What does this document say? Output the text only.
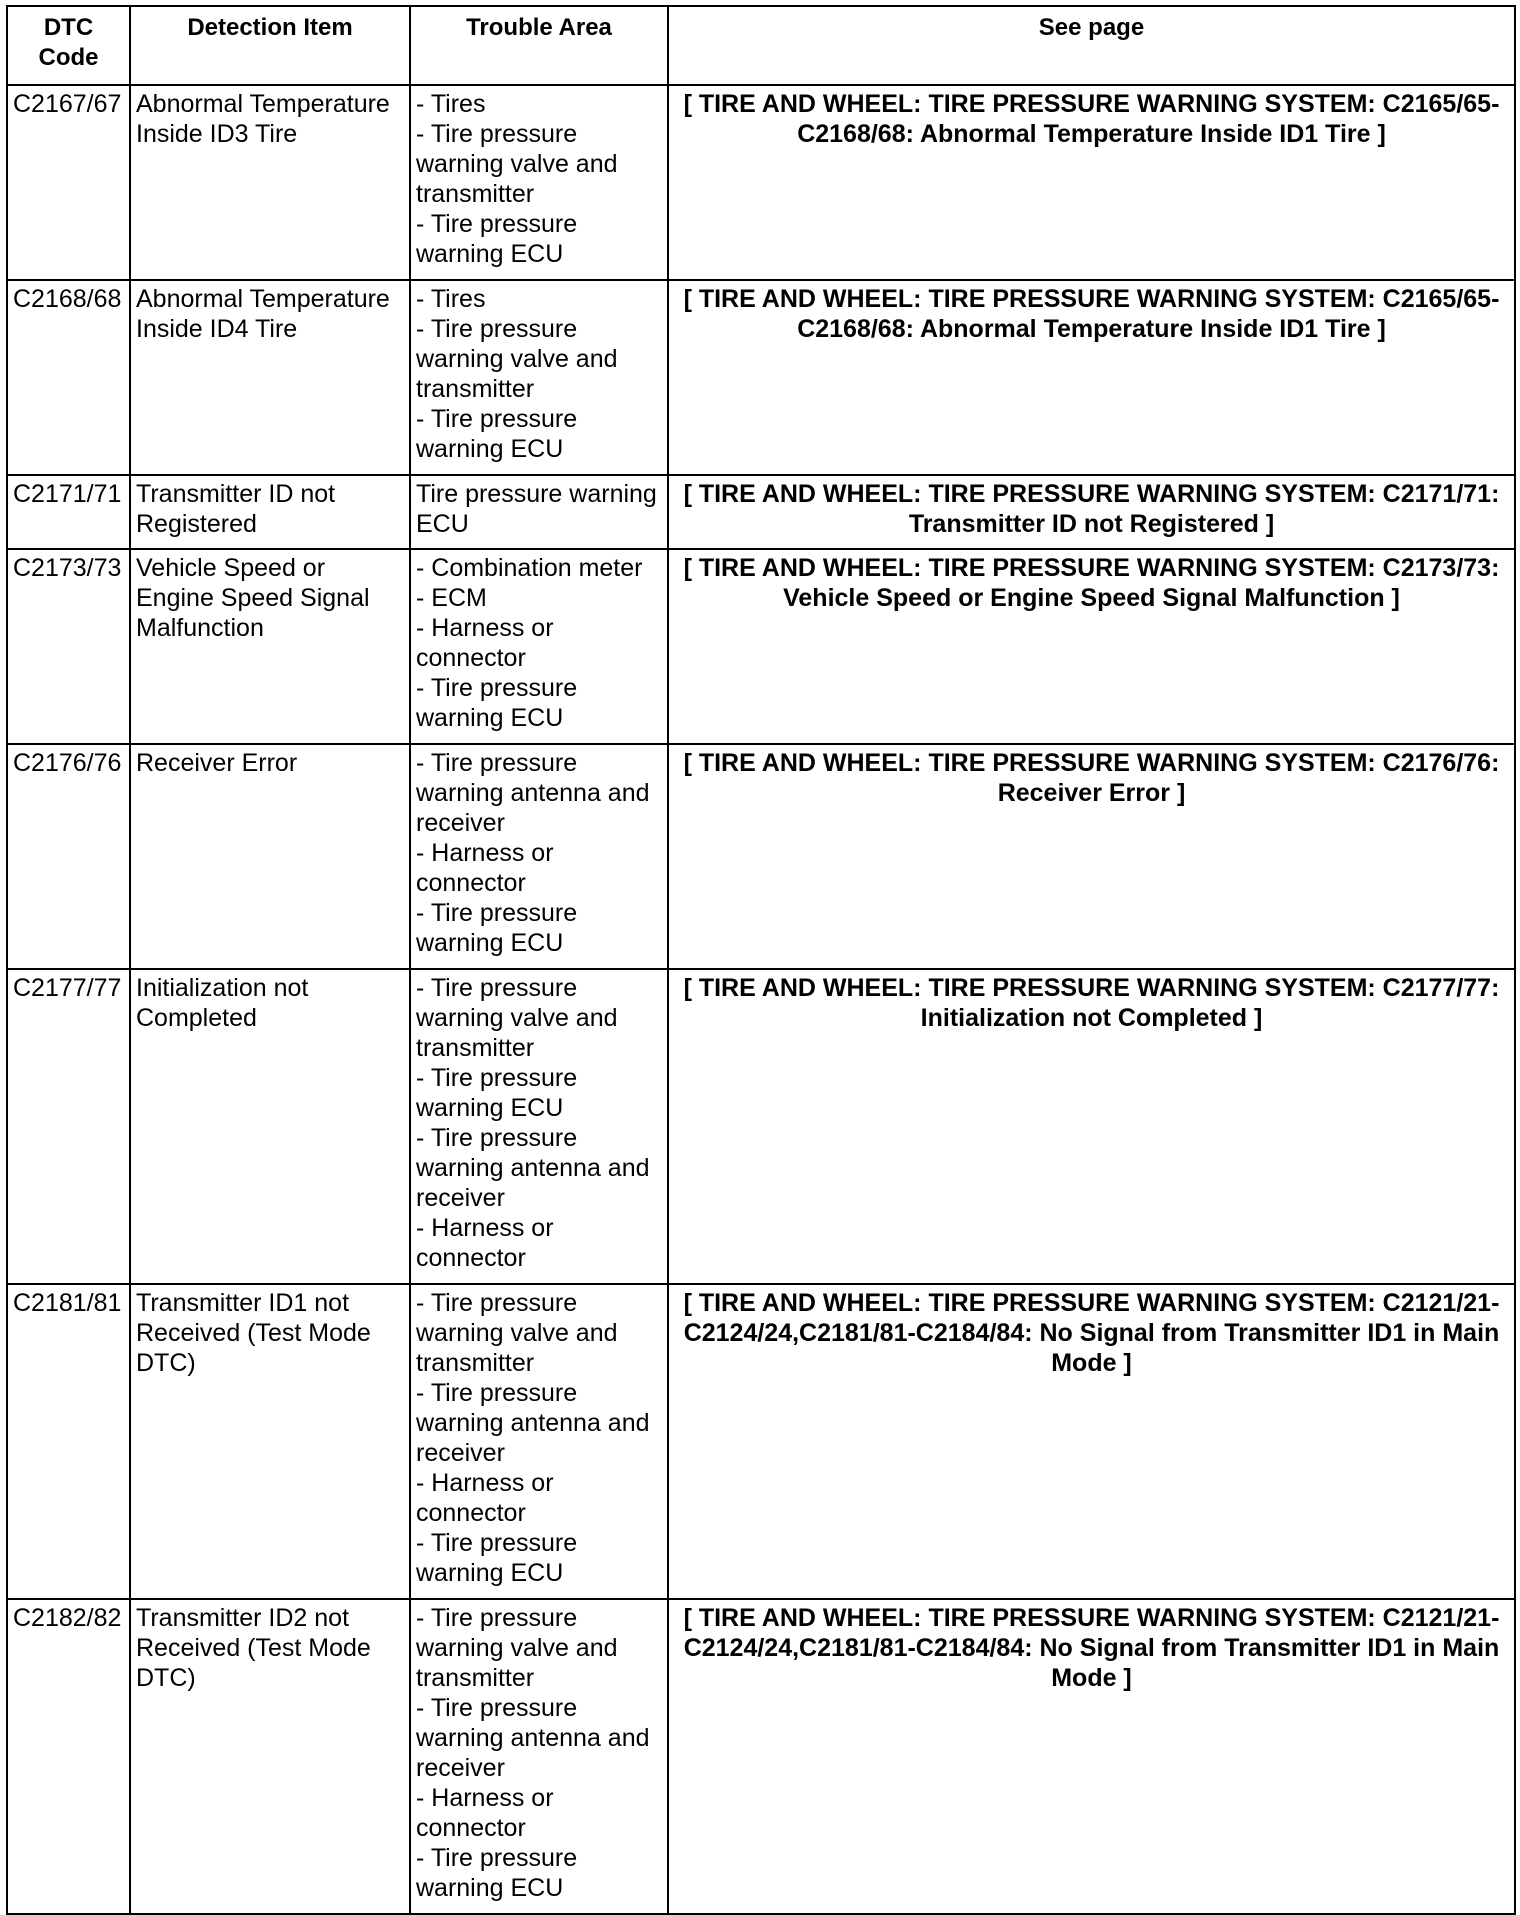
DTC Code	Detection Item	Trouble Area	See page
C2167/67	Abnormal Temperature Inside ID3 Tire	- Tires
- Tire pressure warning valve and transmitter
- Tire pressure warning ECU	[ TIRE AND WHEEL: TIRE PRESSURE WARNING SYSTEM: C2165/65-C2168/68: Abnormal Temperature Inside ID1 Tire ]
C2168/68	Abnormal Temperature Inside ID4 Tire	- Tires
- Tire pressure warning valve and transmitter
- Tire pressure warning ECU	[ TIRE AND WHEEL: TIRE PRESSURE WARNING SYSTEM: C2165/65-C2168/68: Abnormal Temperature Inside ID1 Tire ]
C2171/71	Transmitter ID not Registered	Tire pressure warning ECU	[ TIRE AND WHEEL: TIRE PRESSURE WARNING SYSTEM: C2171/71: Transmitter ID not Registered ]
C2173/73	Vehicle Speed or Engine Speed Signal Malfunction	- Combination meter
- ECM
- Harness or connector
- Tire pressure warning ECU	[ TIRE AND WHEEL: TIRE PRESSURE WARNING SYSTEM: C2173/73: Vehicle Speed or Engine Speed Signal Malfunction ]
C2176/76	Receiver Error	- Tire pressure warning antenna and receiver
- Harness or connector
- Tire pressure warning ECU	[ TIRE AND WHEEL: TIRE PRESSURE WARNING SYSTEM: C2176/76: Receiver Error ]
C2177/77	Initialization not Completed	- Tire pressure warning valve and transmitter
- Tire pressure warning ECU
- Tire pressure warning antenna and receiver
- Harness or connector	[ TIRE AND WHEEL: TIRE PRESSURE WARNING SYSTEM: C2177/77: Initialization not Completed ]
C2181/81	Transmitter ID1 not Received (Test Mode DTC)	- Tire pressure warning valve and transmitter
- Tire pressure warning antenna and receiver
- Harness or connector
- Tire pressure warning ECU	[ TIRE AND WHEEL: TIRE PRESSURE WARNING SYSTEM: C2121/21-C2124/24,C2181/81-C2184/84: No Signal from Transmitter ID1 in Main Mode ]
C2182/82	Transmitter ID2 not Received (Test Mode DTC)	- Tire pressure warning valve and transmitter
- Tire pressure warning antenna and receiver
- Harness or connector
- Tire pressure warning ECU	[ TIRE AND WHEEL: TIRE PRESSURE WARNING SYSTEM: C2121/21-C2124/24,C2181/81-C2184/84: No Signal from Transmitter ID1 in Main Mode ]
